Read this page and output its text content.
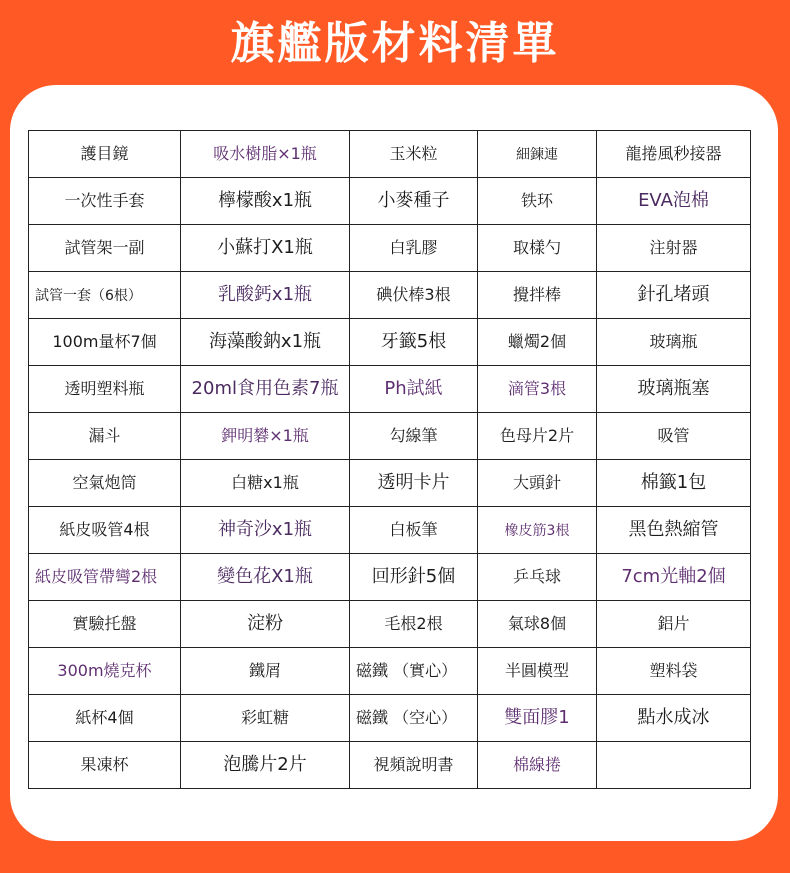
旗艦版材料清單
護目鏡	吸水樹脂×1瓶	玉米粒	細鍊連	龍捲風秒接器
一次性手套	檸檬酸x1瓶	小麥種子	铁环	EVA泡棉
試管架一副	小蘇打X1瓶	白乳膠	取樣勺	注射器
試管一套（6根）	乳酸鈣x1瓶	碘伏棒3根	攪拌棒	針孔堵頭
100m量杯7個	海藻酸鈉x1瓶	牙籤5根	蠟燭2個	玻璃瓶
透明塑料瓶	20ml食用色素7瓶	Ph試紙	滴管3根	玻璃瓶塞
漏斗	鉀明礬×1瓶	勾線筆	色母片2片	吸管
空氣炮筒	白糖x1瓶	透明卡片	大頭針	棉籤1包
紙皮吸管4根	神奇沙x1瓶	白板筆	橡皮筋3根	黑色熱縮管
紙皮吸管帶彎2根	變色花X1瓶	回形針5個	乒乓球	7cm光軸2個
實驗托盤	淀粉	毛根2根	氣球8個	鋁片
300m燒克杯	鐵屑	磁鐵 （實心）	半圓模型	塑料袋
紙杯4個	彩虹糖	磁鐵 （空心）	雙面膠1	點水成冰
果凍杯	泡騰片2片	視頻說明書	棉線捲	
